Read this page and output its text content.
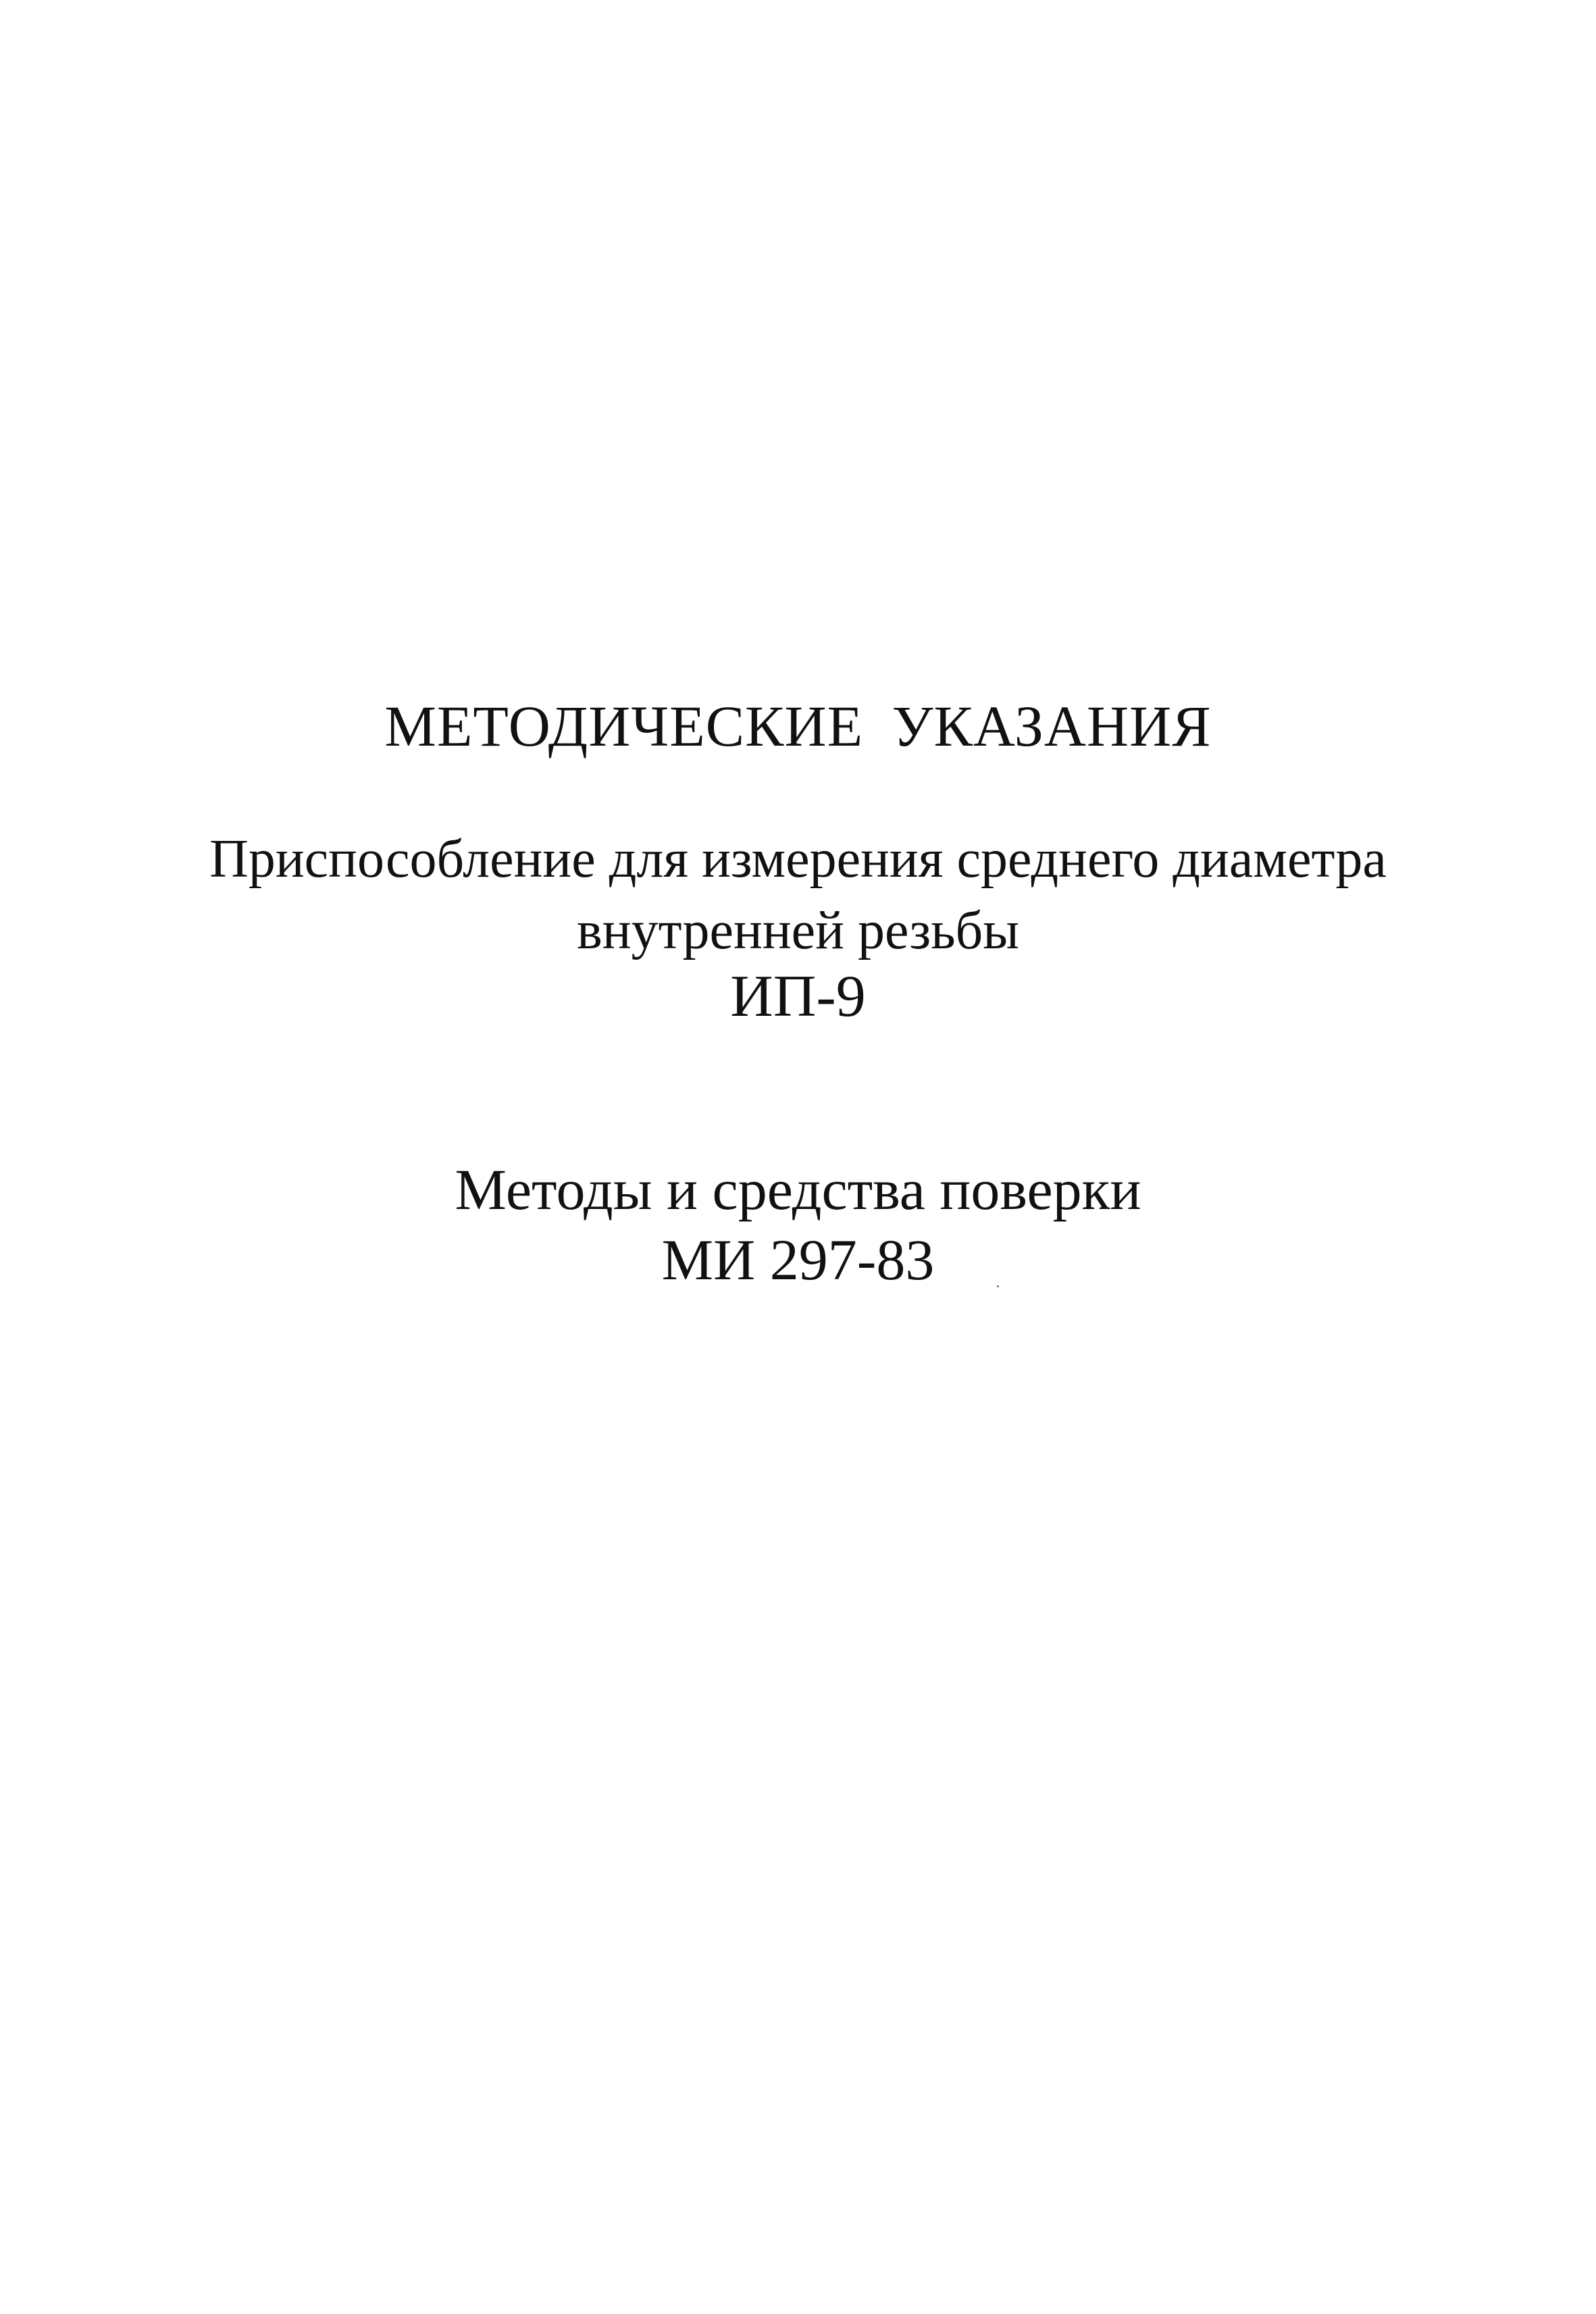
МЕТОДИЧЕСКИЕ УКАЗАНИЯ
Приспособление для измерения среднего диаметра
внутренней резьбы
ИП-9
Методы и средства поверки
МИ 297-83
